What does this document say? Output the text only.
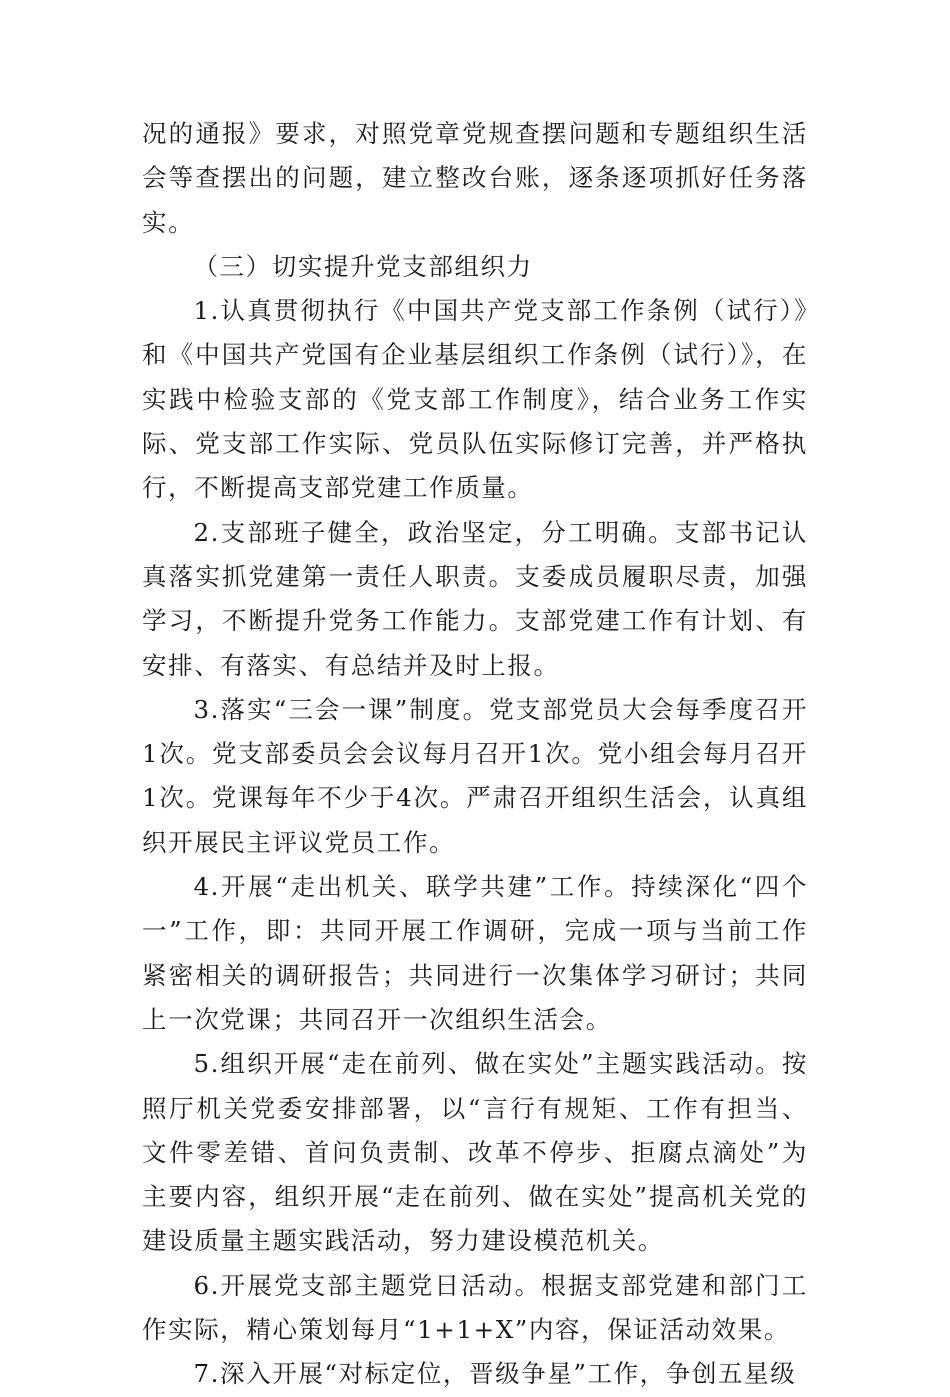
况的通报》要求，对照党章党规查摆问题和专题组织生活会等查摆出的问题，建立整改台账，逐条逐项抓好任务落实。

（三）切实提升党支部组织力

1.认真贯彻执行《中国共产党支部工作条例（试行）》和《中国共产党国有企业基层组织工作条例（试行）》，在实践中检验支部的《党支部工作制度》，结合业务工作实际、党支部工作实际、党员队伍实际修订完善，并严格执行，不断提高支部党建工作质量。

2.支部班子健全，政治坚定，分工明确。支部书记认真落实抓党建第一责任人职责。支委成员履职尽责，加强学习，不断提升党务工作能力。支部党建工作有计划、有安排、有落实、有总结并及时上报。

3.落实“三会一课”制度。党支部党员大会每季度召开1次。党支部委员会会议每月召开1次。党小组会每月召开1次。党课每年不少于4次。严肃召开组织生活会，认真组织开展民主评议党员工作。

4.开展“走出机关、联学共建”工作。持续深化“四个一”工作，即：共同开展工作调研，完成一项与当前工作紧密相关的调研报告；共同进行一次集体学习研讨；共同上一次党课；共同召开一次组织生活会。

5.组织开展“走在前列、做在实处”主题实践活动。按照厅机关党委安排部署，以“言行有规矩、工作有担当、文件零差错、首问负责制、改革不停步、拒腐点滴处”为主要内容，组织开展“走在前列、做在实处”提高机关党的建设质量主题实践活动，努力建设模范机关。

6.开展党支部主题党日活动。根据支部党建和部门工作实际，精心策划每月“1+1+X”内容，保证活动效果。

7.深入开展“对标定位，晋级争星”工作，争创五星级
